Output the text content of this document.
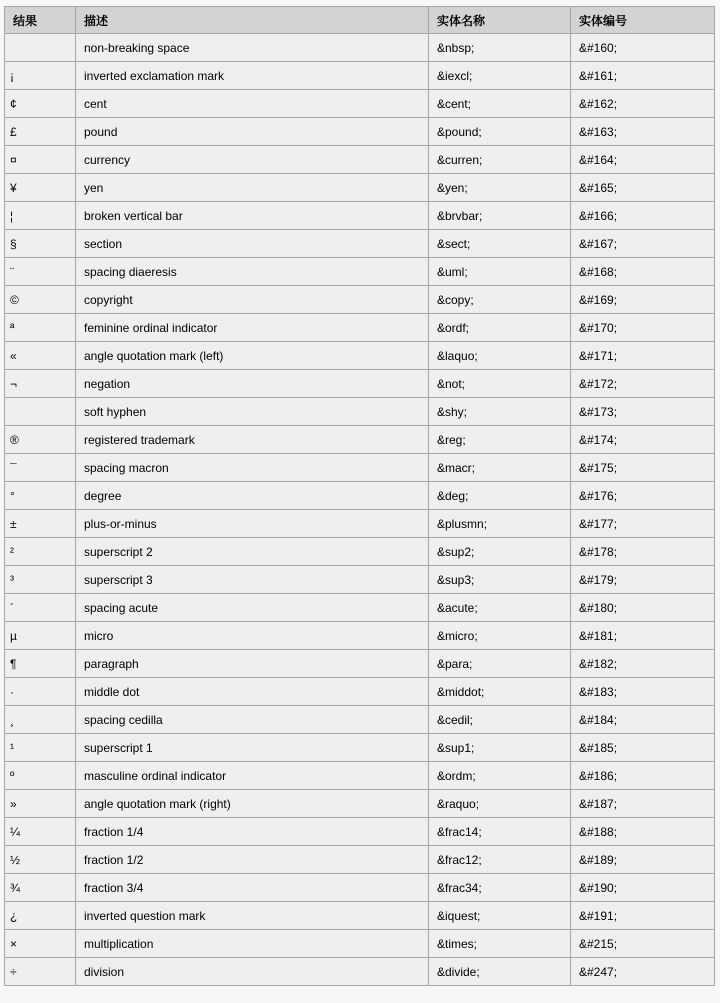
结果	描述	实体名称	实体编号
	non-breaking space	&nbsp;	&#160;
¡	inverted exclamation mark	&iexcl;	&#161;
¢	cent	&cent;	&#162;
£	pound	&pound;	&#163;
¤	currency	&curren;	&#164;
¥	yen	&yen;	&#165;
¦	broken vertical bar	&brvbar;	&#166;
§	section	&sect;	&#167;
¨	spacing diaeresis	&uml;	&#168;
©	copyright	&copy;	&#169;
ª	feminine ordinal indicator	&ordf;	&#170;
«	angle quotation mark (left)	&laquo;	&#171;
¬	negation	&not;	&#172;
	soft hyphen	&shy;	&#173;
®	registered trademark	&reg;	&#174;
¯	spacing macron	&macr;	&#175;
°	degree	&deg;	&#176;
±	plus-or-minus	&plusmn;	&#177;
²	superscript 2	&sup2;	&#178;
³	superscript 3	&sup3;	&#179;
´	spacing acute	&acute;	&#180;
µ	micro	&micro;	&#181;
¶	paragraph	&para;	&#182;
·	middle dot	&middot;	&#183;
¸	spacing cedilla	&cedil;	&#184;
¹	superscript 1	&sup1;	&#185;
º	masculine ordinal indicator	&ordm;	&#186;
»	angle quotation mark (right)	&raquo;	&#187;
¼	fraction 1/4	&frac14;	&#188;
½	fraction 1/2	&frac12;	&#189;
¾	fraction 3/4	&frac34;	&#190;
¿	inverted question mark	&iquest;	&#191;
×	multiplication	&times;	&#215;
÷	division	&divide;	&#247;
